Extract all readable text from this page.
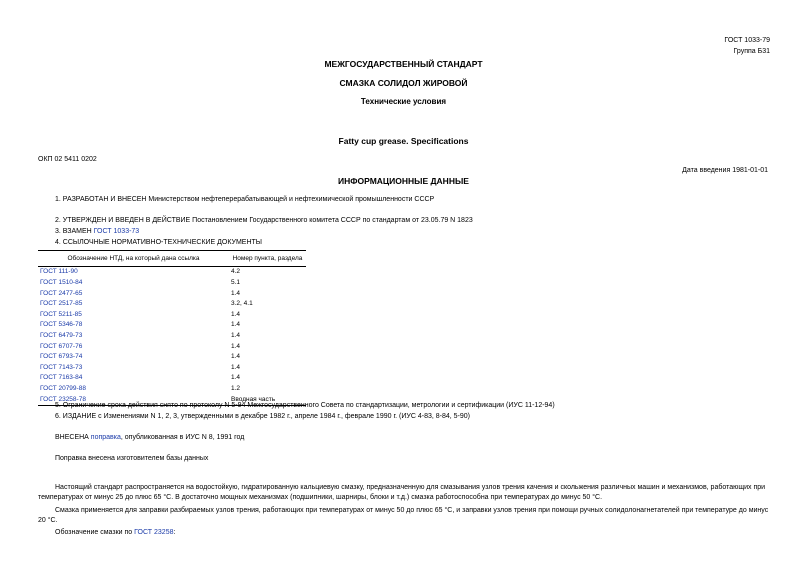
ГОСТ 1033-79
Группа Б31
МЕЖГОСУДАРСТВЕННЫЙ СТАНДАРТ
СМАЗКА СОЛИДОЛ ЖИРОВОЙ
Технические условия
Fatty cup grease. Specifications
ОКП 02 5411 0202
Дата введения 1981-01-01
ИНФОРМАЦИОННЫЕ ДАННЫЕ
1. РАЗРАБОТАН И ВНЕСЕН Министерством нефтеперерабатывающей и нефтехимической промышленности СССР
2. УТВЕРЖДЕН И ВВЕДЕН В ДЕЙСТВИЕ Постановлением Государственного комитета СССР по стандартам от 23.05.79 N 1823
3. ВЗАМЕН ГОСТ 1033-73
4. ССЫЛОЧНЫЕ НОРМАТИВНО-ТЕХНИЧЕСКИЕ ДОКУМЕНТЫ
Обозначение НТД, на который дана ссылка	Номер пункта, раздела
ГОСТ 111-90	4.2
ГОСТ 1510-84	5.1
ГОСТ 2477-65	1.4
ГОСТ 2517-85	3.2, 4.1
ГОСТ 5211-85	1.4
ГОСТ 5346-78	1.4
ГОСТ 6479-73	1.4
ГОСТ 6707-76	1.4
ГОСТ 6793-74	1.4
ГОСТ 7143-73	1.4
ГОСТ 7163-84	1.4
ГОСТ 20799-88	1.2
ГОСТ 23258-78	Вводная часть
5. Ограничение срока действия снято по протоколу N 5-94 Межгосударственного Совета по стандартизации, метрологии и сертификации (ИУС 11-12-94)
6. ИЗДАНИЕ с Изменениями N 1, 2, 3, утвержденными в декабре 1982 г., апреле 1984 г., феврале 1990 г. (ИУС 4-83, 8-84, 5-90)
ВНЕСЕНА поправка, опубликованная в ИУС N 8, 1991 год
Поправка внесена изготовителем базы данных
Настоящий стандарт распространяется на водостойкую, гидратированную кальциевую смазку, предназначенную для смазывания узлов трения качения и скольжения различных машин и механизмов, работающих при температурах от минус 25 до плюс 65 °С. В достаточно мощных механизмах (подшипники, шарниры, блоки и т.д.) смазка работоспособна при температурах до минус 50 °С.
Смазка применяется для заправки разбираемых узлов трения, работающих при температурах от минус 50 до плюс 65 °С, и заправки узлов трения при помощи ручных солидолонагнетателей при температуре до минус 20 °С.
Обозначение смазки по ГОСТ 23258:
